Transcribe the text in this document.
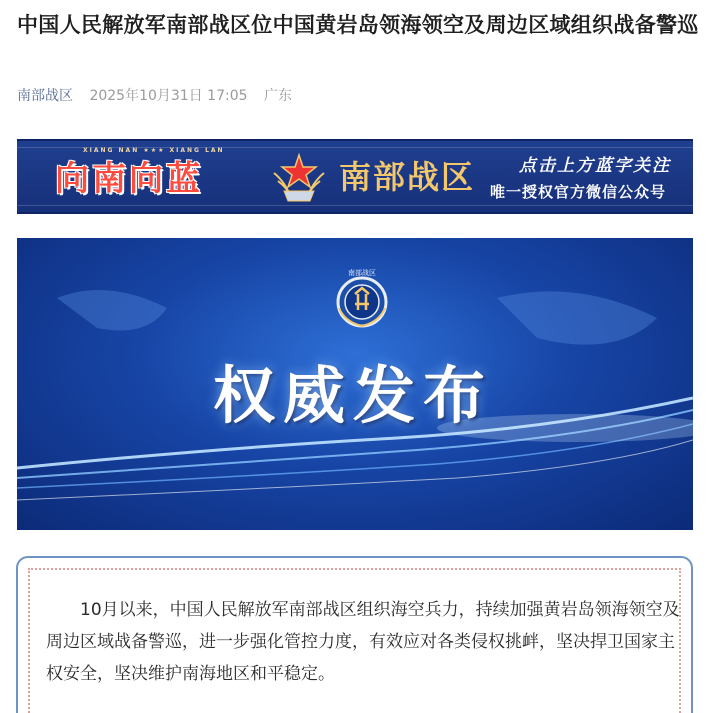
中国人民解放军南部战区位中国黄岩岛领海领空及周边区域组织战备警巡
南部战区 2025年10月31日 17:05 广东
XIANG NAN ★★★ XIANG LAN
向南向蓝	南部战区	点击上方蓝字关注
唯一授权官方微信公众号
南部战区
权威发布
10月以来，中国人民解放军南部战区组织海空兵力，持续加强黄岩岛领海领空及周边区域战备警巡，进一步强化管控力度，有效应对各类侵权挑衅，坚决捍卫国家主权安全，坚决维护南海地区和平稳定。
